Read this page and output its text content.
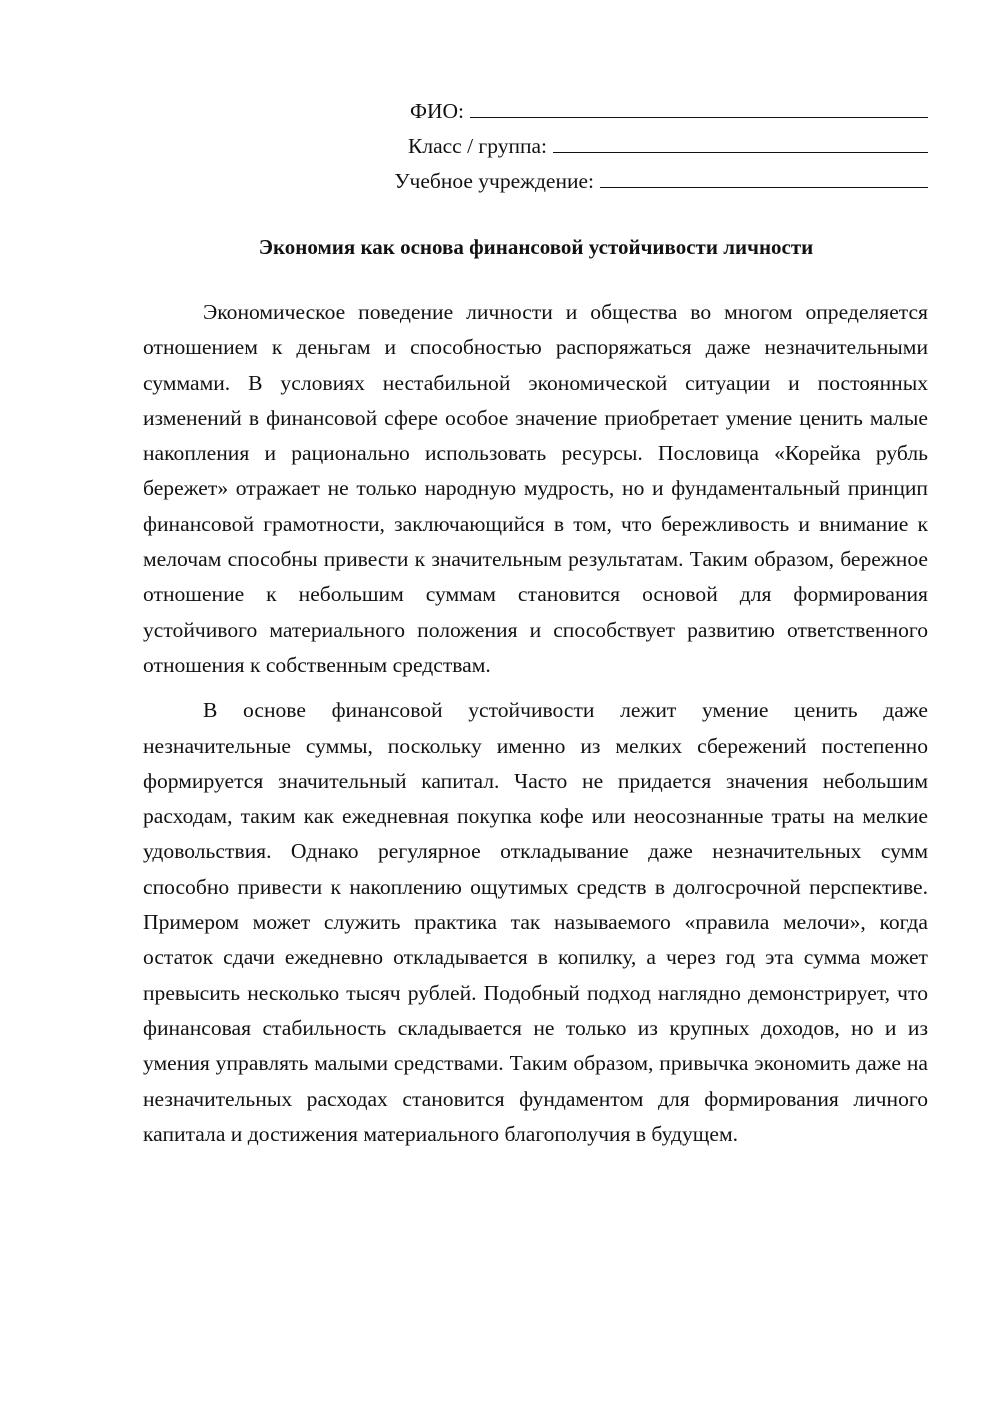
ФИО:
Класс / группа:
Учебное учреждение:
Экономия как основа финансовой устойчивости личности

Экономическое поведение личности и общества во многом определяется отношением к деньгам и способностью распоряжаться даже незначительными суммами. В условиях нестабильной экономической ситуации и постоянных изменений в финансовой сфере особое значение приобретает умение ценить малые накопления и рационально использовать ресурсы. Пословица «Корейка рубль бережет» отражает не только народную мудрость, но и фундаментальный принцип финансовой грамотности, заключающийся в том, что бережливость и внимание к мелочам способны привести к значительным результатам. Таким образом, бережное отношение к небольшим суммам становится основой для формирования устойчивого материального положения и способствует развитию ответственного отношения к собственным средствам.

В основе финансовой устойчивости лежит умение ценить даже незначительные суммы, поскольку именно из мелких сбережений постепенно формируется значительный капитал. Часто не придается значения небольшим расходам, таким как ежедневная покупка кофе или неосознанные траты на мелкие удовольствия. Однако регулярное откладывание даже незначительных сумм способно привести к накоплению ощутимых средств в долгосрочной перспективе. Примером может служить практика так называемого «правила мелочи», когда остаток сдачи ежедневно откладывается в копилку, а через год эта сумма может превысить несколько тысяч рублей. Подобный подход наглядно демонстрирует, что финансовая стабильность складывается не только из крупных доходов, но и из умения управлять малыми средствами. Таким образом, привычка экономить даже на незначительных расходах становится фундаментом для формирования личного капитала и достижения материального благополучия в будущем.
